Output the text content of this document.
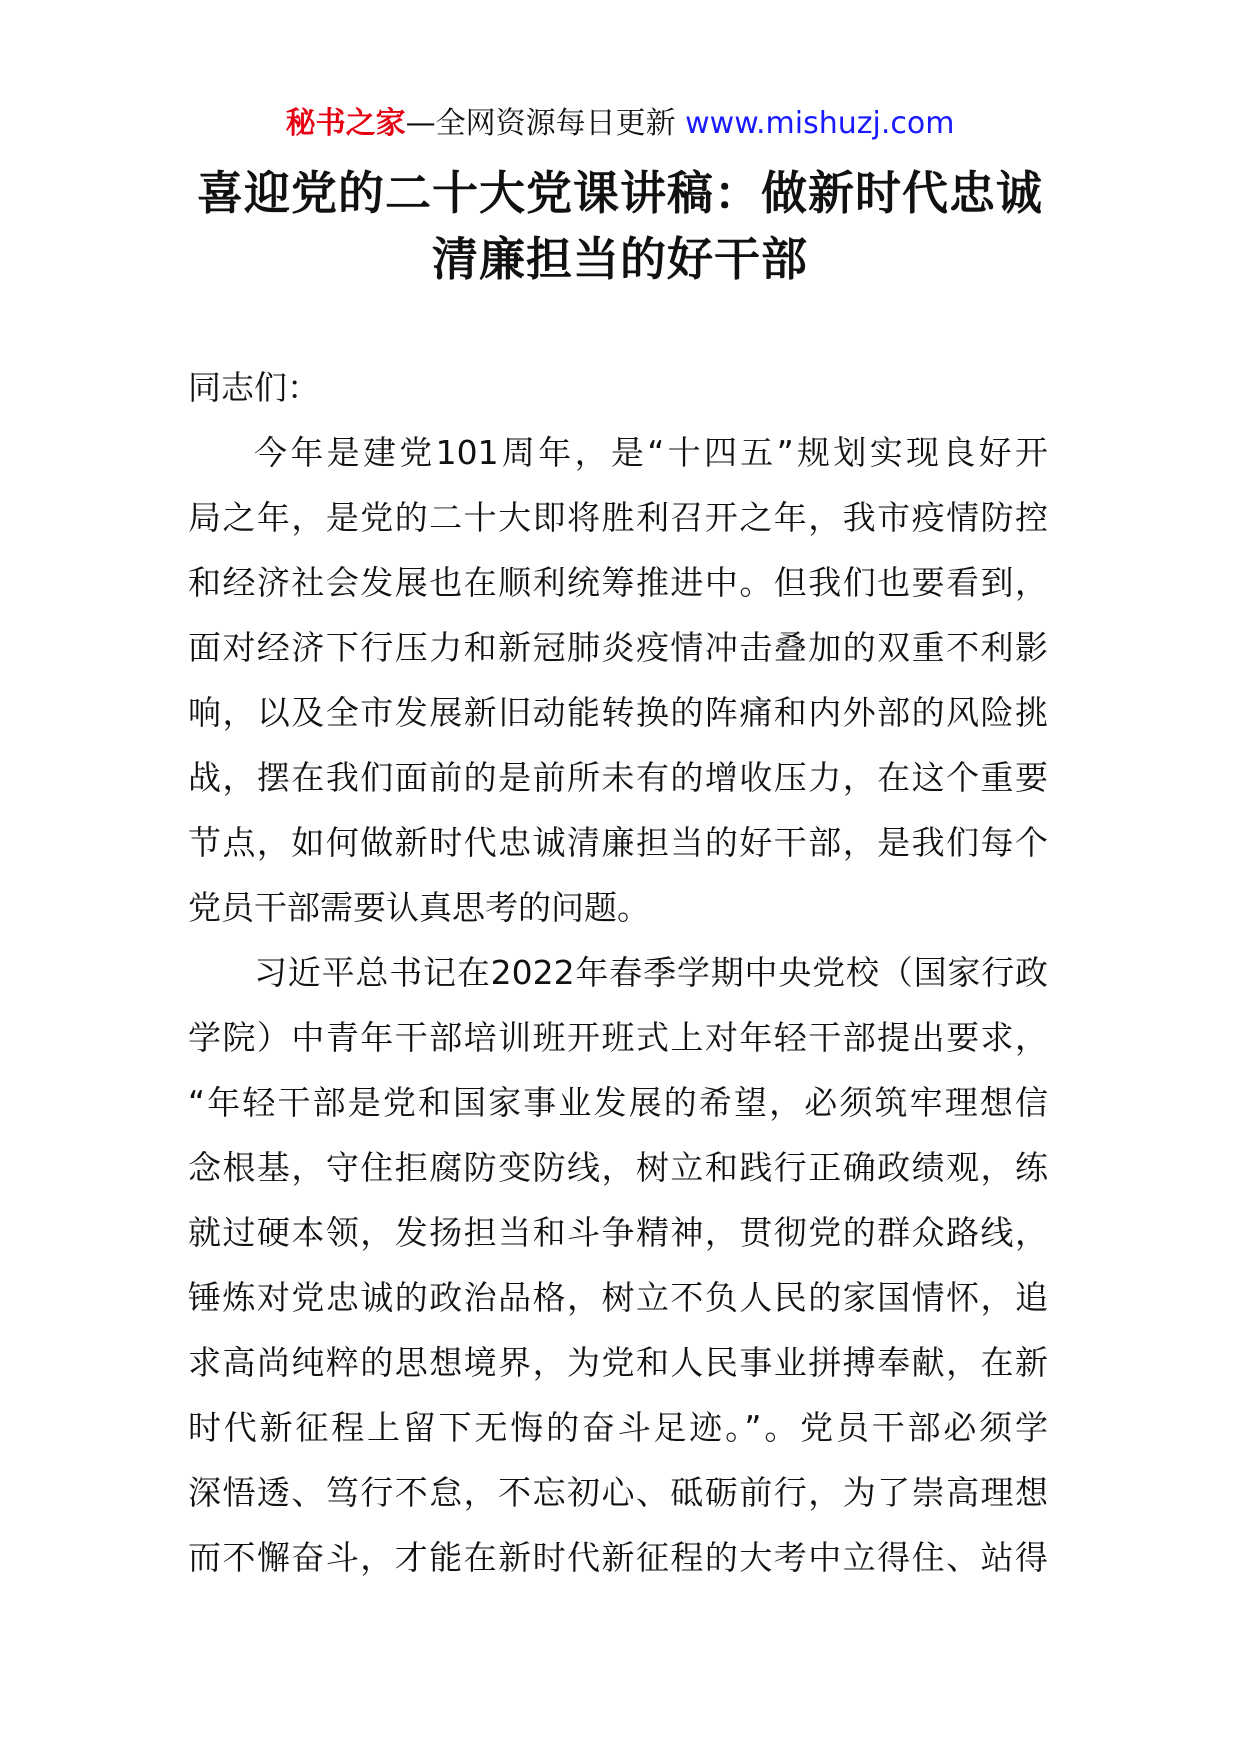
秘书之家—全网资源每日更新 www.mishuzj.com
喜迎党的二十大党课讲稿：做新时代忠诚
清廉担当的好干部
同志们：
今年是建党101周年，是“十四五”规划实现良好开
局之年，是党的二十大即将胜利召开之年，我市疫情防控
和经济社会发展也在顺利统筹推进中。但我们也要看到，
面对经济下行压力和新冠肺炎疫情冲击叠加的双重不利影
响，以及全市发展新旧动能转换的阵痛和内外部的风险挑
战，摆在我们面前的是前所未有的增收压力，在这个重要
节点，如何做新时代忠诚清廉担当的好干部，是我们每个
党员干部需要认真思考的问题。
习近平总书记在2022年春季学期中央党校（国家行政
学院）中青年干部培训班开班式上对年轻干部提出要求，
“年轻干部是党和国家事业发展的希望，必须筑牢理想信
念根基，守住拒腐防变防线，树立和践行正确政绩观，练
就过硬本领，发扬担当和斗争精神，贯彻党的群众路线，
锤炼对党忠诚的政治品格，树立不负人民的家国情怀，追
求高尚纯粹的思想境界，为党和人民事业拼搏奉献，在新
时代新征程上留下无悔的奋斗足迹。”。党员干部必须学
深悟透、笃行不怠，不忘初心、砥砺前行，为了崇高理想
而不懈奋斗，才能在新时代新征程的大考中立得住、站得
